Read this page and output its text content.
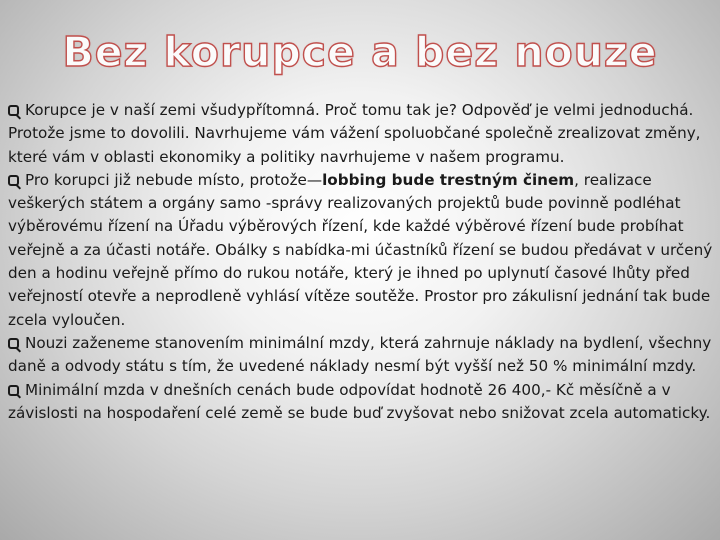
Bez korupce a bez nouze

Korupce je v naší zemi všudypřítomná. Proč tomu tak je? Odpověď je velmi jednoduchá. Protože jsme to dovolili. Navrhujeme vám vážení spoluobčané společně zrealizovat změny, které vám v oblasti ekonomiky a politiky navrhujeme v našem programu.

Pro korupci již nebude místo, protože—lobbing bude trestným činem, realizace veškerých státem a orgány samo -správy realizovaných projektů bude povinně podléhat výběrovému řízení na Úřadu výběrových řízení, kde každé výběrové řízení bude probíhat veřejně a za účasti notáře. Obálky s nabídka-mi účastníků řízení se budou předávat v určený den a hodinu veřejně přímo do rukou notáře, který je ihned po uplynutí časové lhůty před veřejností otevře a neprodleně vyhlásí vítěze soutěže. Prostor pro zákulisní jednání tak bude zcela vyloučen.

Nouzi zaženeme stanovením minimální mzdy, která zahrnuje náklady na bydlení, všechny daně a odvody státu s tím, že uvedené náklady nesmí být vyšší než 50 % minimální mzdy.

Minimální mzda v dnešních cenách bude odpovídat hodnotě 26 400,- Kč měsíčně a v závislosti na hospodaření celé země se bude buď zvyšovat nebo snižovat zcela automaticky.
